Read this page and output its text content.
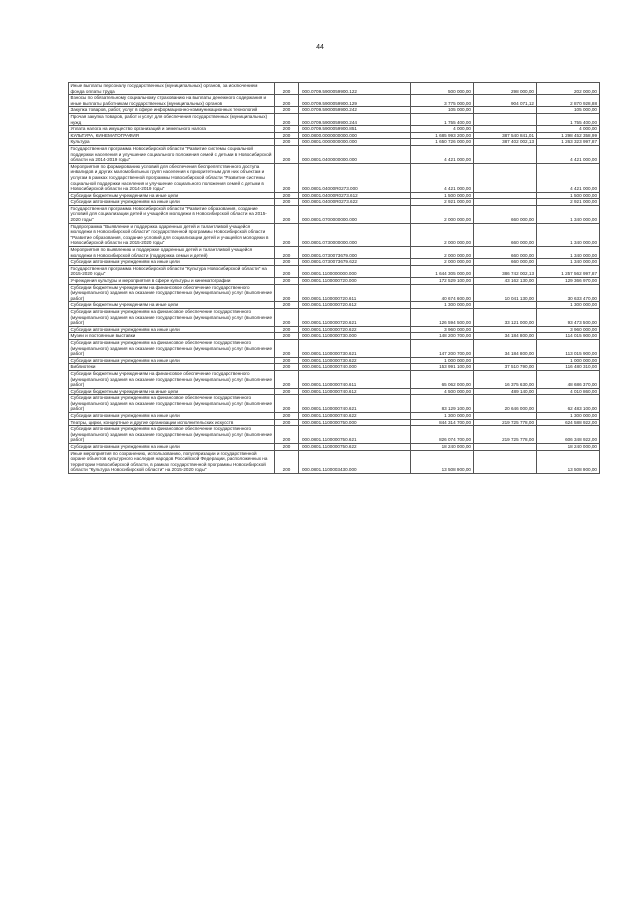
44
Иные выплаты персоналу государственных (муниципальных) органов, за исключением фонда оплаты труда	200	000.0709.5900059900.122	500 000,00	298 000,00	202 000,00
Взносы по обязательному социальному страхованию на выплаты денежного содержания и иные выплаты работникам государственных (муниципальных) органов	200	000.0709.5900059900.129	3 775 000,00	904 071,12	2 870 928,88
Закупка товаров, работ, услуг в сфере информационно-коммуникационных технологий	200	000.0709.5900059900.242	105 000,00		105 000,00
Прочая закупка товаров, работ и услуг для обеспечения государственных (муниципальных) нужд	200	000.0709.5900059900.244	1 755 400,00		1 755 400,00
Уплата налога на имущество организаций и земельного налога	200	000.0709.5900059900.851	4 000,00		4 000,00
КУЛЬТУРА, КИНЕМАТОГРАФИЯ	200	000.0800.0000000000.000	1 685 993 200,00	387 540 841,01	1 298 452 358,99
Культура	200	000.0801.0000000000.000	1 650 726 000,00	387 402 002,13	1 263 323 997,87
Государственная программа Новосибирской области "Развитие системы социальной поддержки населения и улучшение социального положения семей с детьми в Новосибирской области на 2014-2019 годы"	200	000.0801.0400000000.000	4 421 000,00		4 421 000,00
Мероприятия по формированию условий для обеспечения беспрепятственного доступа инвалидов и других маломобильных групп населения к приоритетным для них объектам и услугам в рамках государственной программы Новосибирской области "Развитие системы социальной поддержки населения и улучшение социального положения семей с детьми в Новосибирской области на 2014-2019 годы"	200	000.0801.04000R0273.000	4 421 000,00		4 421 000,00
Субсидии бюджетным учреждениям на иные цели	200	000.0801.04000R0273.612	1 500 000,00		1 500 000,00
Субсидии автономным учреждениям на иные цели	200	000.0801.04000R0273.622	2 921 000,00		2 921 000,00
Государственная программа Новосибирской области "Развитие образования, создание условий для социализации детей и учащейся молодежи в Новосибирской области на 2015-2020 годы"	200	000.0801.0700000000.000	2 000 000,00	660 000,00	1 340 000,00
Подпрограмма "Выявление и поддержка одаренных детей и талантливой учащейся молодежи в Новосибирской области" государственной программы Новосибирской области "Развитие образования, создание условий для социализации детей и учащейся молодежи в Новосибирской области на 2015-2020 годы"	200	000.0801.0730000000.000	2 000 000,00	660 000,00	1 340 000,00
Мероприятия по выявлению и поддержке одаренных детей и талантливой учащейся молодежи в Новосибирской области (поддержка семьи и детей)	200	000.0801.0730073679.000	2 000 000,00	660 000,00	1 340 000,00
Субсидии автономным учреждениям на иные цели	200	000.0801.0730073679.622	2 000 000,00	660 000,00	1 340 000,00
Государственная программа Новосибирской области "Культура Новосибирской области" на 2015-2020 годы"	200	000.0801.1100000000.000	1 644 305 000,00	386 742 002,13	1 257 562 997,87
Учреждения культуры и мероприятия в сфере культуры и кинематографии	200	000.0801.1100000720.000	172 529 100,00	43 162 130,00	129 366 970,00
Субсидии бюджетным учреждениям на финансовое обеспечение государственного (муниципального) задания на оказание государственных (муниципальных) услуг (выполнение работ)	200	000.0801.1100000720.611	40 674 600,00	10 041 130,00	30 633 470,00
Субсидии бюджетным учреждениям на иные цели	200	000.0801.1100000720.612	1 300 000,00		1 300 000,00
Субсидии автономным учреждениям на финансовое обеспечение государственного (муниципального) задания на оказание государственных (муниципальных) услуг (выполнение работ)	200	000.0801.1100000720.621	126 594 500,00	33 121 000,00	93 473 500,00
Субсидии автономным учреждениям на иные цели	200	000.0801.1100000720.622	3 960 000,00		3 960 000,00
Музеи и постоянные выставки	200	000.0801.1100000730.000	148 200 700,00	34 184 800,00	114 015 900,00
Субсидии автономным учреждениям на финансовое обеспечение государственного (муниципального) задания на оказание государственных (муниципальных) услуг (выполнение работ)	200	000.0801.1100000730.621	147 200 700,00	34 184 800,00	113 015 900,00
Субсидии автономным учреждениям на иные цели	200	000.0801.1100000730.622	1 000 000,00		1 000 000,00
Библиотеки	200	000.0801.1100000740.000	153 991 100,00	37 510 790,00	116 480 310,00
Субсидии бюджетным учреждениям на финансовое обеспечение государственного (муниципального) задания на оказание государственных (муниципальных) услуг (выполнение работ)	200	000.0801.1100000740.611	65 062 000,00	16 375 630,00	48 686 370,00
Субсидии бюджетным учреждениям на иные цели	200	000.0801.1100000740.612	4 500 000,00	489 140,00	4 010 860,00
Субсидии автономным учреждениям на финансовое обеспечение государственного (муниципального) задания на оказание государственных (муниципальных) услуг (выполнение работ)	200	000.0801.1100000740.621	83 129 100,00	20 646 000,00	62 483 100,00
Субсидии автономным учреждениям на иные цели	200	000.0801.1100000740.622	1 300 000,00		1 300 000,00
Театры, цирки, концертные и другие организации исполнительских искусств	200	000.0801.1100000750.000	844 314 700,00	219 725 778,00	624 588 922,00
Субсидии автономным учреждениям на финансовое обеспечение государственного (муниципального) задания на оказание государственных (муниципальных) услуг (выполнение работ)	200	000.0801.1100000750.621	826 074 700,00	219 725 778,00	606 348 922,00
Субсидии автономным учреждениям на иные цели	200	000.0801.1100000750.622	18 240 000,00		18 240 000,00
Иные мероприятия по сохранению, использованию, популяризации и государственной охране объектов культурного наследия народов Российской Федерации, расположенных на территории Новосибирской области, в рамках государственной программы Новосибирской области "Культура Новосибирской области" на 2015-2020 годы"	200	000.0801.1100003430.000	13 508 900,00		13 508 900,00
